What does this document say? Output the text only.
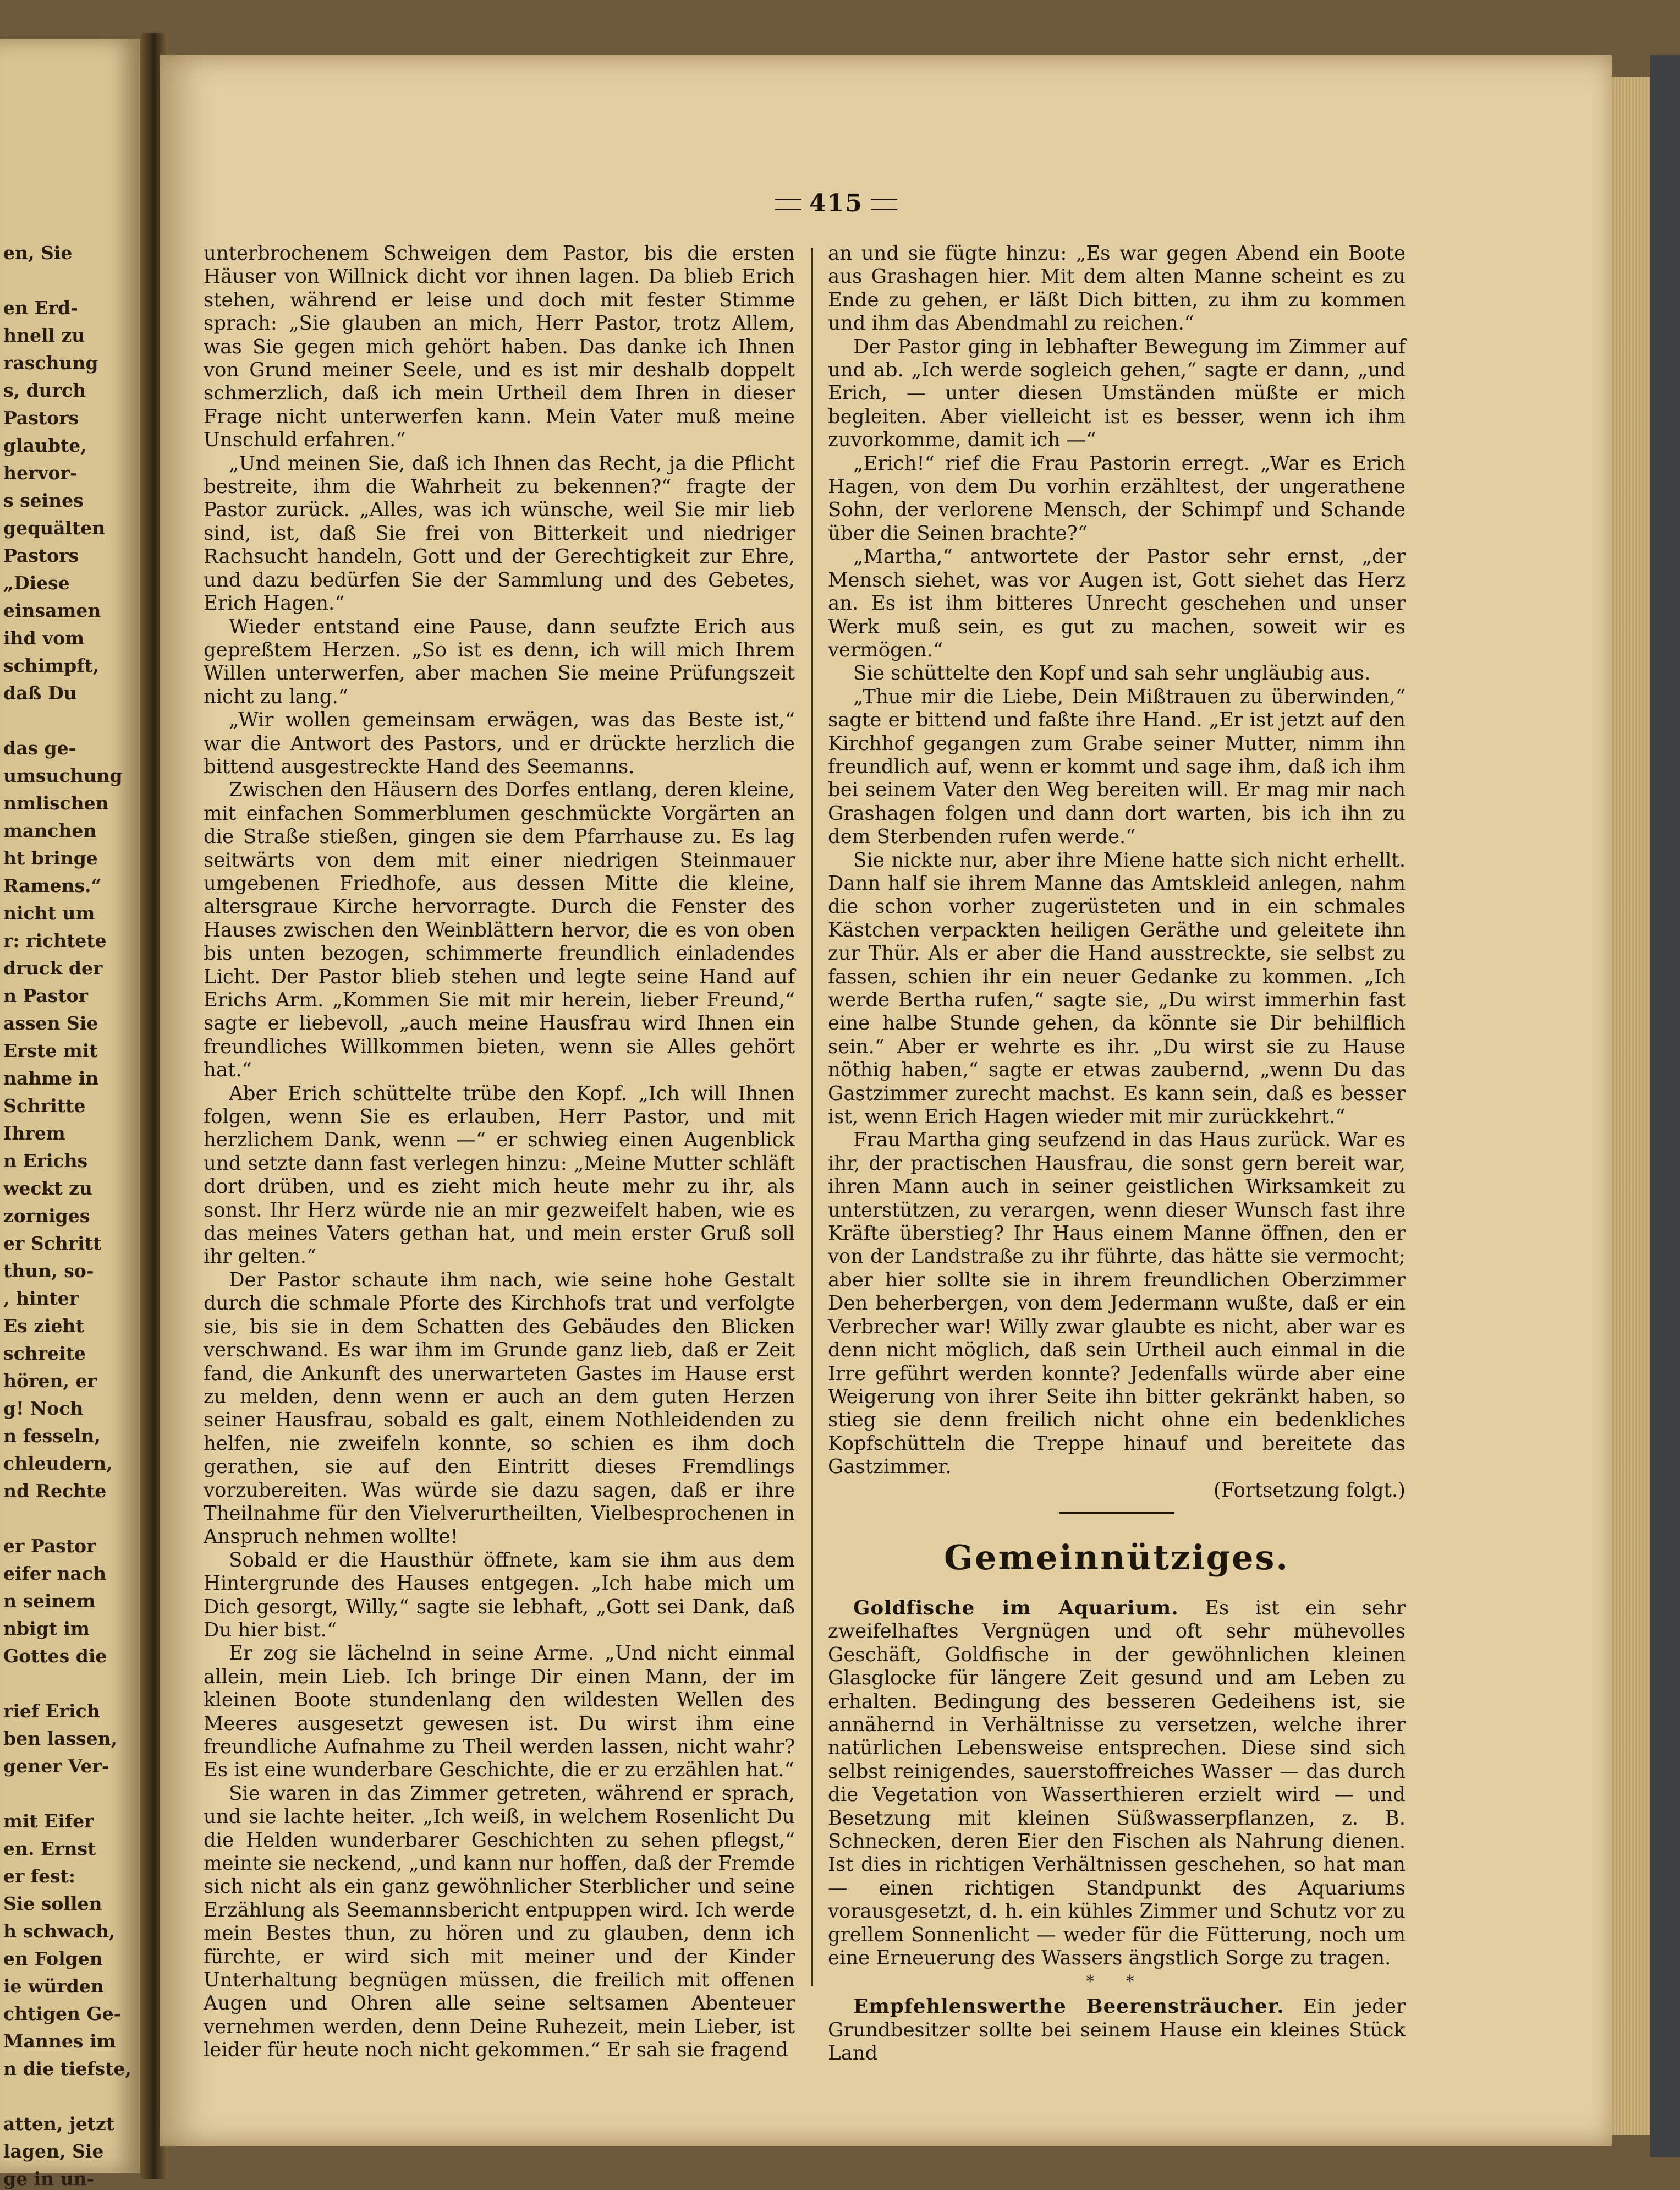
en, Sie
en Erd-
hnell zu
raschung
s, durch
Pastors
glaubte,
hervor-
s seines
gequälten
Pastors
„Diese
einsamen
ihd vom
schimpft,
daß Du
das ge-
umsuchung
nmlischen
manchen
ht bringe
Ramens.“
nicht um
r: richtete
druck der
n Pastor
assen Sie
Erste mit
nahme in
Schritte
Ihrem
n Erichs
weckt zu
zorniges
er Schritt
thun, so-
, hinter
Es zieht
schreite
hören, er
g! Noch
n fesseln,
chleudern,
nd Rechte
er Pastor
eifer nach
n seinem
nbigt im
Gottes die
rief Erich
ben lassen,
gener Ver-
mit Eifer
en. Ernst
er fest:
Sie sollen
h schwach,
en Folgen
ie würden
chtigen Ge-
Mannes im
n die tiefste,
atten, jetzt
lagen, Sie
ge in un-
415

unterbrochenem Schweigen dem Pastor, bis die ersten Häuser von Willnick dicht vor ihnen lagen. Da blieb Erich stehen, während er leise und doch mit fester Stimme sprach: „Sie glauben an mich, Herr Pastor, trotz Allem, was Sie gegen mich gehört haben. Das danke ich Ihnen von Grund meiner Seele, und es ist mir deshalb doppelt schmerzlich, daß ich mein Urtheil dem Ihren in dieser Frage nicht unterwerfen kann. Mein Vater muß meine Unschuld erfahren.“

„Und meinen Sie, daß ich Ihnen das Recht, ja die Pflicht bestreite, ihm die Wahrheit zu bekennen?“ fragte der Pastor zurück. „Alles, was ich wünsche, weil Sie mir lieb sind, ist, daß Sie frei von Bitterkeit und niedriger Rachsucht handeln, Gott und der Gerechtigkeit zur Ehre, und dazu bedürfen Sie der Sammlung und des Gebetes, Erich Hagen.“

Wieder entstand eine Pause, dann seufzte Erich aus gepreßtem Herzen. „So ist es denn, ich will mich Ihrem Willen unterwerfen, aber machen Sie meine Prüfungszeit nicht zu lang.“

„Wir wollen gemeinsam erwägen, was das Beste ist,“ war die Antwort des Pastors, und er drückte herzlich die bittend ausgestreckte Hand des Seemanns.

Zwischen den Häusern des Dorfes entlang, deren kleine, mit einfachen Sommerblumen geschmückte Vorgärten an die Straße stießen, gingen sie dem Pfarrhause zu. Es lag seitwärts von dem mit einer niedrigen Steinmauer umgebenen Friedhofe, aus dessen Mitte die kleine, altersgraue Kirche hervorragte. Durch die Fenster des Hauses zwischen den Weinblättern hervor, die es von oben bis unten bezogen, schimmerte freundlich einladendes Licht. Der Pastor blieb stehen und legte seine Hand auf Erichs Arm. „Kommen Sie mit mir herein, lieber Freund,“ sagte er liebevoll, „auch meine Hausfrau wird Ihnen ein freundliches Willkommen bieten, wenn sie Alles gehört hat.“

Aber Erich schüttelte trübe den Kopf. „Ich will Ihnen folgen, wenn Sie es erlauben, Herr Pastor, und mit herzlichem Dank, wenn —“ er schwieg einen Augenblick und setzte dann fast verlegen hinzu: „Meine Mutter schläft dort drüben, und es zieht mich heute mehr zu ihr, als sonst. Ihr Herz würde nie an mir gezweifelt haben, wie es das meines Vaters gethan hat, und mein erster Gruß soll ihr gelten.“

Der Pastor schaute ihm nach, wie seine hohe Gestalt durch die schmale Pforte des Kirchhofs trat und verfolgte sie, bis sie in dem Schatten des Gebäudes den Blicken verschwand. Es war ihm im Grunde ganz lieb, daß er Zeit fand, die Ankunft des unerwarteten Gastes im Hause erst zu melden, denn wenn er auch an dem guten Herzen seiner Hausfrau, sobald es galt, einem Nothleidenden zu helfen, nie zweifeln konnte, so schien es ihm doch gerathen, sie auf den Eintritt dieses Fremdlings vorzubereiten. Was würde sie dazu sagen, daß er ihre Theilnahme für den Vielverurtheilten, Vielbesprochenen in Anspruch nehmen wollte!

Sobald er die Hausthür öffnete, kam sie ihm aus dem Hintergrunde des Hauses entgegen. „Ich habe mich um Dich gesorgt, Willy,“ sagte sie lebhaft, „Gott sei Dank, daß Du hier bist.“

Er zog sie lächelnd in seine Arme. „Und nicht einmal allein, mein Lieb. Ich bringe Dir einen Mann, der im kleinen Boote stundenlang den wildesten Wellen des Meeres ausgesetzt gewesen ist. Du wirst ihm eine freundliche Aufnahme zu Theil werden lassen, nicht wahr? Es ist eine wunderbare Geschichte, die er zu erzählen hat.“

Sie waren in das Zimmer getreten, während er sprach, und sie lachte heiter. „Ich weiß, in welchem Rosenlicht Du die Helden wunderbarer Geschichten zu sehen pflegst,“ meinte sie neckend, „und kann nur hoffen, daß der Fremde sich nicht als ein ganz gewöhnlicher Sterblicher und seine Erzählung als Seemannsbericht entpuppen wird. Ich werde mein Bestes thun, zu hören und zu glauben, denn ich fürchte, er wird sich mit meiner und der Kinder Unterhaltung begnügen müssen, die freilich mit offenen Augen und Ohren alle seine seltsamen Abenteuer vernehmen werden, denn Deine Ruhezeit, mein Lieber, ist leider für heute noch nicht gekommen.“ Er sah sie fragend

an und sie fügte hinzu: „Es war gegen Abend ein Boote aus Grashagen hier. Mit dem alten Manne scheint es zu Ende zu gehen, er läßt Dich bitten, zu ihm zu kommen und ihm das Abendmahl zu reichen.“

Der Pastor ging in lebhafter Bewegung im Zimmer auf und ab. „Ich werde sogleich gehen,“ sagte er dann, „und Erich, — unter diesen Umständen müßte er mich begleiten. Aber vielleicht ist es besser, wenn ich ihm zuvorkomme, damit ich —“

„Erich!“ rief die Frau Pastorin erregt. „War es Erich Hagen, von dem Du vorhin erzähltest, der ungerathene Sohn, der verlorene Mensch, der Schimpf und Schande über die Seinen brachte?“

„Martha,“ antwortete der Pastor sehr ernst, „der Mensch siehet, was vor Augen ist, Gott siehet das Herz an. Es ist ihm bitteres Unrecht geschehen und unser Werk muß sein, es gut zu machen, soweit wir es vermögen.“

Sie schüttelte den Kopf und sah sehr ungläubig aus.

„Thue mir die Liebe, Dein Mißtrauen zu überwinden,“ sagte er bittend und faßte ihre Hand. „Er ist jetzt auf den Kirchhof gegangen zum Grabe seiner Mutter, nimm ihn freundlich auf, wenn er kommt und sage ihm, daß ich ihm bei seinem Vater den Weg bereiten will. Er mag mir nach Grashagen folgen und dann dort warten, bis ich ihn zu dem Sterbenden rufen werde.“

Sie nickte nur, aber ihre Miene hatte sich nicht erhellt. Dann half sie ihrem Manne das Amtskleid anlegen, nahm die schon vorher zugerüsteten und in ein schmales Kästchen verpackten heiligen Geräthe und geleitete ihn zur Thür. Als er aber die Hand ausstreckte, sie selbst zu fassen, schien ihr ein neuer Gedanke zu kommen. „Ich werde Bertha rufen,“ sagte sie, „Du wirst immerhin fast eine halbe Stunde gehen, da könnte sie Dir behilflich sein.“ Aber er wehrte es ihr. „Du wirst sie zu Hause nöthig haben,“ sagte er etwas zaubernd, „wenn Du das Gastzimmer zurecht machst. Es kann sein, daß es besser ist, wenn Erich Hagen wieder mit mir zurückkehrt.“

Frau Martha ging seufzend in das Haus zurück. War es ihr, der practischen Hausfrau, die sonst gern bereit war, ihren Mann auch in seiner geistlichen Wirksamkeit zu unterstützen, zu verargen, wenn dieser Wunsch fast ihre Kräfte überstieg? Ihr Haus einem Manne öffnen, den er von der Landstraße zu ihr führte, das hätte sie vermocht; aber hier sollte sie in ihrem freundlichen Oberzimmer Den beherbergen, von dem Jedermann wußte, daß er ein Verbrecher war! Willy zwar glaubte es nicht, aber war es denn nicht möglich, daß sein Urtheil auch einmal in die Irre geführt werden konnte? Jedenfalls würde aber eine Weigerung von ihrer Seite ihn bitter gekränkt haben, so stieg sie denn freilich nicht ohne ein bedenkliches Kopfschütteln die Treppe hinauf und bereitete das Gastzimmer.

(Fortsetzung folgt.)

Gemeinnütziges.

Goldfische im Aquarium. Es ist ein sehr zweifelhaftes Vergnügen und oft sehr mühevolles Geschäft, Goldfische in der gewöhnlichen kleinen Glasglocke für längere Zeit gesund und am Leben zu erhalten. Bedingung des besseren Gedeihens ist, sie annähernd in Verhältnisse zu versetzen, welche ihrer natürlichen Lebensweise entsprechen. Diese sind sich selbst reinigendes, sauerstoffreiches Wasser — das durch die Vegetation von Wasserthieren erzielt wird — und Besetzung mit kleinen Süßwasserpflanzen, z. B. Schnecken, deren Eier den Fischen als Nahrung dienen. Ist dies in richtigen Verhältnissen geschehen, so hat man — einen richtigen Standpunkt des Aquariums vorausgesetzt, d. h. ein kühles Zimmer und Schutz vor zu grellem Sonnenlicht — weder für die Fütterung, noch um eine Erneuerung des Wassers ängstlich Sorge zu tragen.

* *

Empfehlenswerthe Beerensträucher. Ein jeder Grundbesitzer sollte bei seinem Hause ein kleines Stück Land
